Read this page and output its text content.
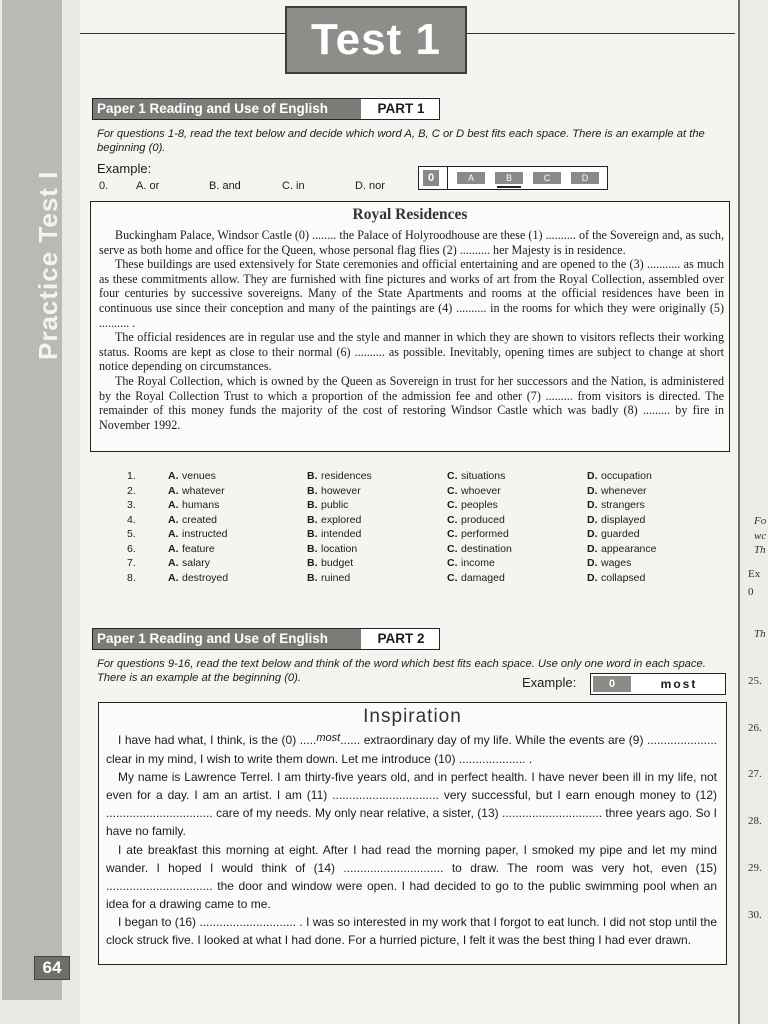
Practice Test I
64
Fo
wc
Th
Ex
0
Th
25.
26.
27.
28.
29.
30.
Test 1
Paper 1 Reading and Use of English	PART 1
For questions 1-8, read the text below and decide which word A, B, C or D best fits each space. There is an example at the beginning (0).
Example:
0.	A. or	B. and	C. in	D. nor
0	A	B	C	D
Royal Residences

Buckingham Palace, Windsor Castle (0) ........ the Palace of Holyroodhouse are these (1) .......... of the Sovereign and, as such, serve as both home and office for the Queen, whose personal flag flies (2) .......... her Majesty is in residence.

These buildings are used extensively for State ceremonies and official entertaining and are opened to the (3) ........... as much as these commitments allow. They are furnished with fine pictures and works of art from the Royal Collection, assembled over four centuries by successive sovereigns. Many of the State Apartments and rooms at the official residences have been in continuous use since their conception and many of the paintings are (4) .......... in the rooms for which they were originally (5) .......... .

The official residences are in regular use and the style and manner in which they are shown to visitors reflects their working status. Rooms are kept as close to their normal (6) .......... as possible. Inevitably, opening times are subject to change at short notice depending on circumstances.

The Royal Collection, which is owned by the Queen as Sovereign in trust for her successors and the Nation, is administered by the Royal Collection Trust to which a proportion of the admission fee and other (7) ......... from visitors is directed. The remainder of this money funds the majority of the cost of restoring Windsor Castle which was badly (8) ......... by fire in November 1992.

1.	A. venues	B. residences	C. situations	D. occupation
2.	A. whatever	B. however	C. whoever	D. whenever
3.	A. humans	B. public	C. peoples	D. strangers
4.	A. created	B. explored	C. produced	D. displayed
5.	A. instructed	B. intended	C. performed	D. guarded
6.	A. feature	B. location	C. destination	D. appearance
7.	A. salary	B. budget	C. income	D. wages
8.	A. destroyed	B. ruined	C. damaged	D. collapsed
Paper 1 Reading and Use of English	PART 2
For questions 9-16, read the text below and think of the word which best fits each space. Use only one word in each space. There is an example at the beginning (0).	Example:	0	most
Inspiration

I have had what, I think, is the (0) .....most...... extraordinary day of my life. While the events are (9) ..................... clear in my mind, I wish to write them down. Let me introduce (10) .................... .

My name is Lawrence Terrel. I am thirty-five years old, and in perfect health. I have never been ill in my life, not even for a day. I am an artist. I am (11) ................................ very successful, but I earn enough money to (12) ................................ care of my needs. My only near relative, a sister, (13) .............................. three years ago. So I have no family.

I ate breakfast this morning at eight. After I had read the morning paper, I smoked my pipe and let my mind wander. I hoped I would think of (14) .............................. to draw. The room was very hot, even (15) ................................ the door and window were open. I had decided to go to the public swimming pool when an idea for a drawing came to me.

I began to (16) ............................. . I was so interested in my work that I forgot to eat lunch. I did not stop until the clock struck five. I looked at what I had done. For a hurried picture, I felt it was the best thing I had ever drawn.
